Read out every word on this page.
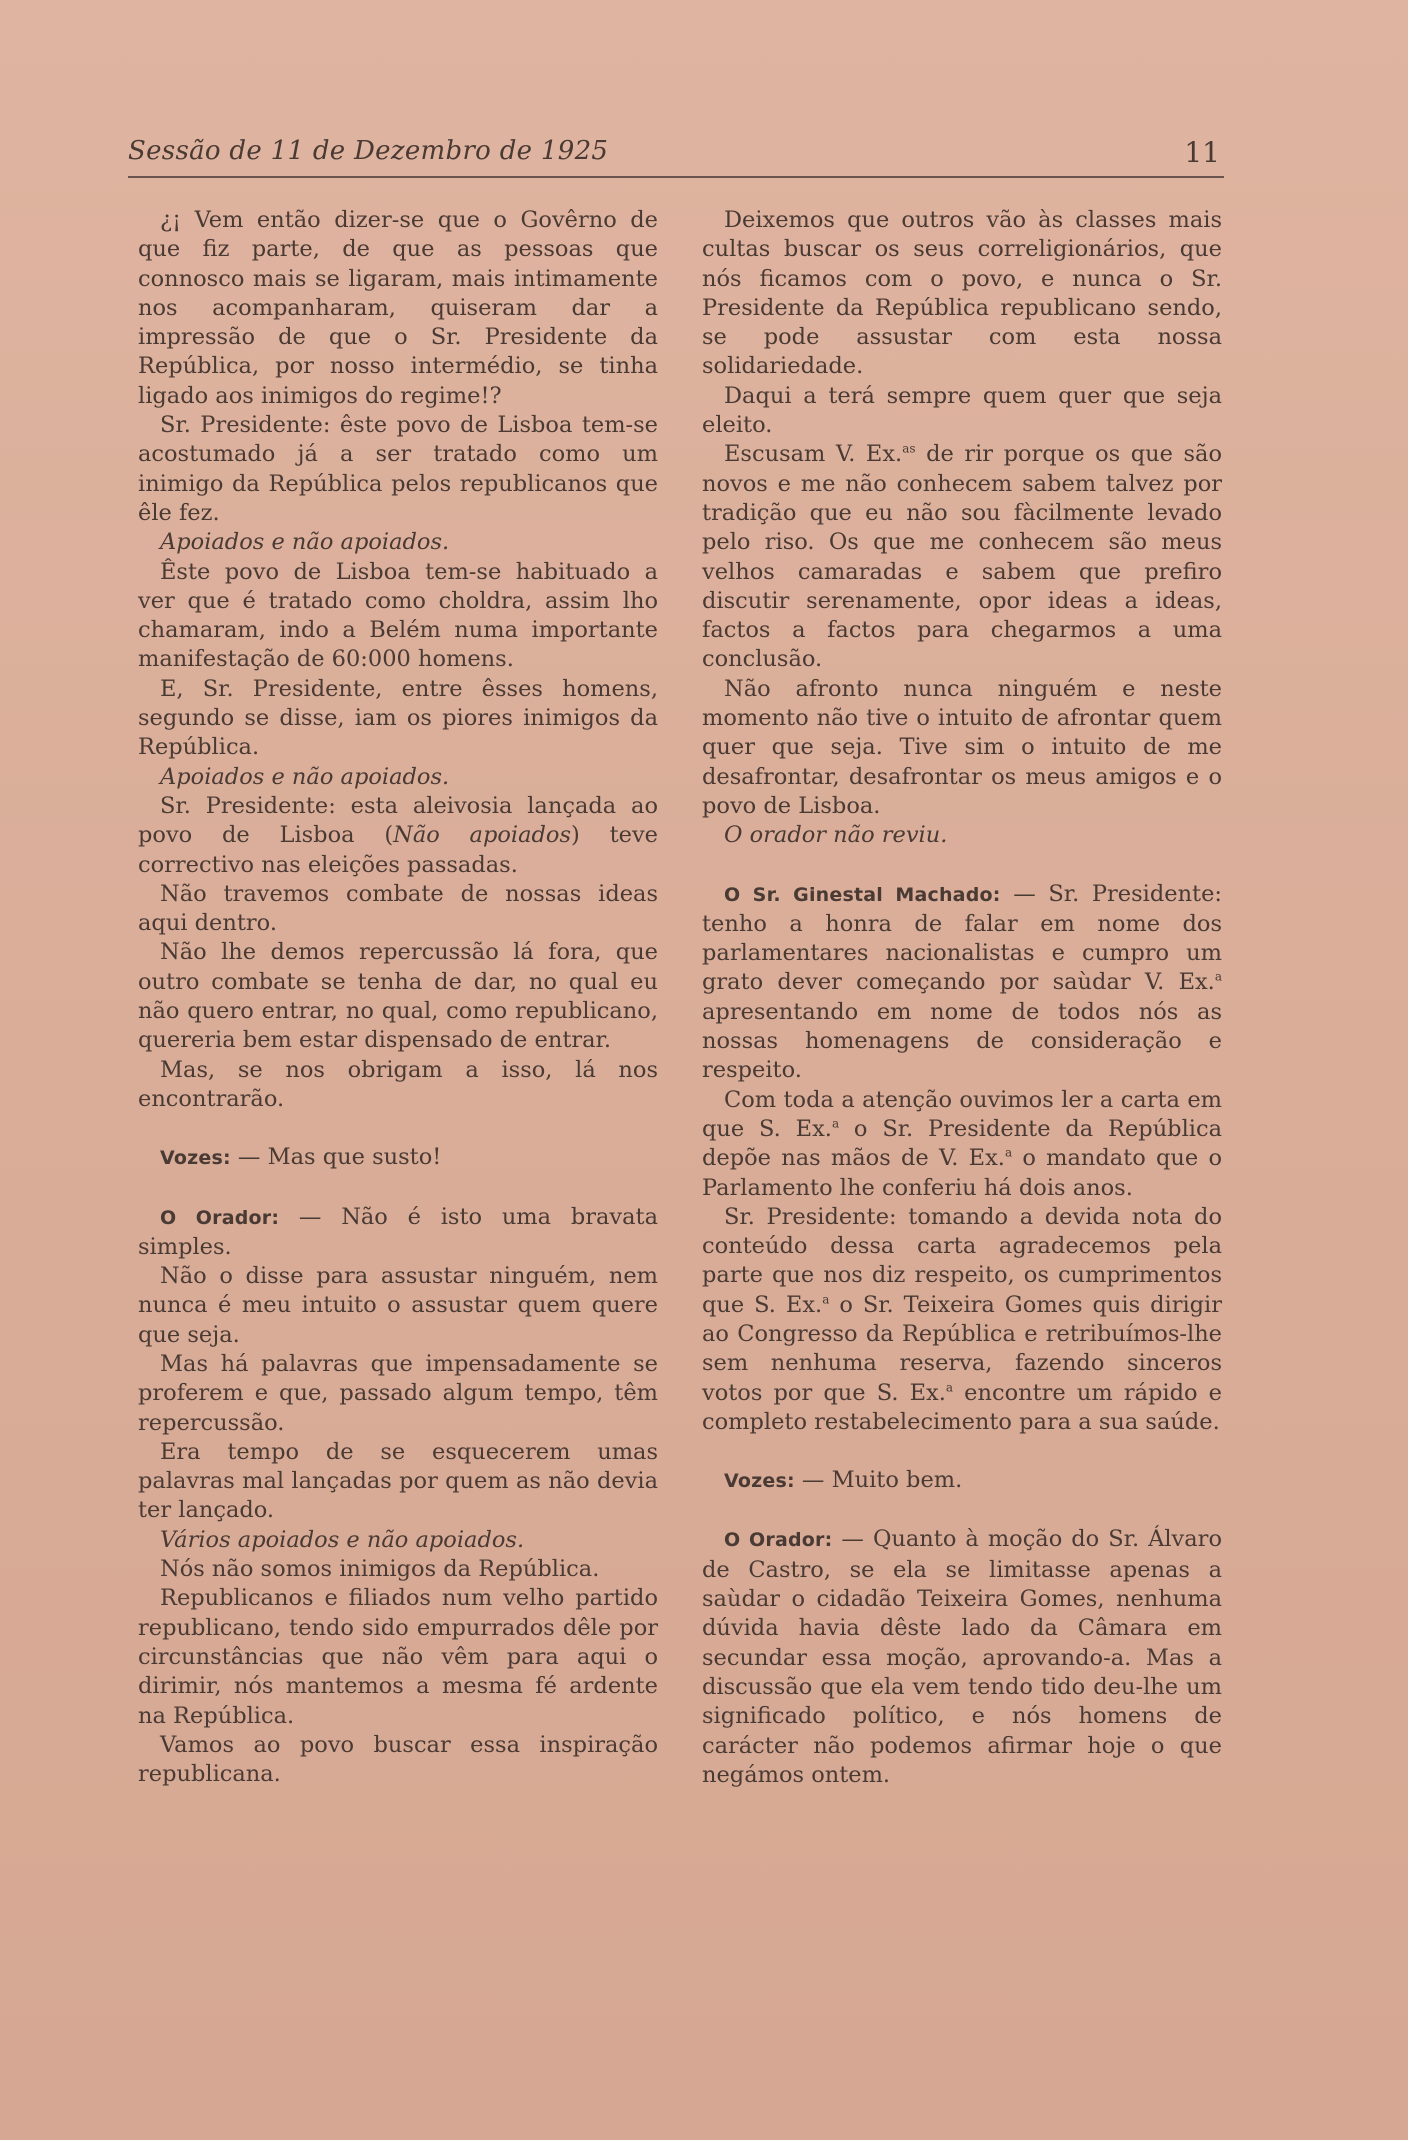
Sessão de 11 de Dezembro de 1925	11

¿¡ Vem então dizer-se que o Govêrno de que fiz parte, de que as pessoas que connosco mais se ligaram, mais intimamente nos acompanharam, quiseram dar a impressão de que o Sr. Presidente da República, por nosso intermédio, se tinha ligado aos inimigos do regime!?

Sr. Presidente: êste povo de Lisboa tem-se acostumado já a ser tratado como um inimigo da República pelos republicanos que êle fez.

Apoiados e não apoiados.

Êste povo de Lisboa tem-se habituado a ver que é tratado como choldra, assim lho chamaram, indo a Belém numa importante manifestação de 60:000 homens.

E, Sr. Presidente, entre êsses homens, segundo se disse, iam os piores inimigos da República.

Apoiados e não apoiados.

Sr. Presidente: esta aleivosia lançada ao povo de Lisboa (Não apoiados) teve correctivo nas eleições passadas.

Não travemos combate de nossas ideas aqui dentro.

Não lhe demos repercussão lá fora, que outro combate se tenha de dar, no qual eu não quero entrar, no qual, como republicano, quereria bem estar dispensado de entrar.

Mas, se nos obrigam a isso, lá nos encontrarão.

Vozes: — Mas que susto!

O Orador: — Não é isto uma bravata simples.

Não o disse para assustar ninguém, nem nunca é meu intuito o assustar quem quere que seja.

Mas há palavras que impensadamente se proferem e que, passado algum tempo, têm repercussão.

Era tempo de se esquecerem umas palavras mal lançadas por quem as não devia ter lançado.

Vários apoiados e não apoiados.

Nós não somos inimigos da República.

Republicanos e filiados num velho partido republicano, tendo sido empurrados dêle por circunstâncias que não vêm para aqui o dirimir, nós mantemos a mesma fé ardente na República.

Vamos ao povo buscar essa inspiração republicana.

Deixemos que outros vão às classes mais cultas buscar os seus correligionários, que nós ficamos com o povo, e nunca o Sr. Presidente da República republicano sendo, se pode assustar com esta nossa solidariedade.

Daqui a terá sempre quem quer que seja eleito.

Escusam V. Ex.$^{as}$ de rir porque os que são novos e me não conhecem sabem talvez por tradição que eu não sou fàcilmente levado pelo riso. Os que me conhecem são meus velhos camaradas e sabem que prefiro discutir serenamente, opor ideas a ideas, factos a factos para chegarmos a uma conclusão.

Não afronto nunca ninguém e neste momento não tive o intuito de afrontar quem quer que seja. Tive sim o intuito de me desafrontar, desafrontar os meus amigos e o povo de Lisboa.

O orador não reviu.

O Sr. Ginestal Machado: — Sr. Presidente: tenho a honra de falar em nome dos parlamentares nacionalistas e cumpro um grato dever começando por saùdar V. Ex.$^a$ apresentando em nome de todos nós as nossas homenagens de consideração e respeito.

Com toda a atenção ouvimos ler a carta em que S. Ex.$^a$ o Sr. Presidente da República depõe nas mãos de V. Ex.$^a$ o mandato que o Parlamento lhe conferiu há dois anos.

Sr. Presidente: tomando a devida nota do conteúdo dessa carta agradecemos pela parte que nos diz respeito, os cumprimentos que S. Ex.$^a$ o Sr. Teixeira Gomes quis dirigir ao Congresso da República e retribuímos-lhe sem nenhuma reserva, fazendo sinceros votos por que S. Ex.$^a$ encontre um rápido e completo restabelecimento para a sua saúde.

Vozes: — Muito bem.

O Orador: — Quanto à moção do Sr. Álvaro de Castro, se ela se limitasse apenas a saùdar o cidadão Teixeira Gomes, nenhuma dúvida havia dêste lado da Câmara em secundar essa moção, aprovando-a. Mas a discussão que ela vem tendo tido deu-lhe um significado político, e nós homens de carácter não podemos afirmar hoje o que negámos ontem.
